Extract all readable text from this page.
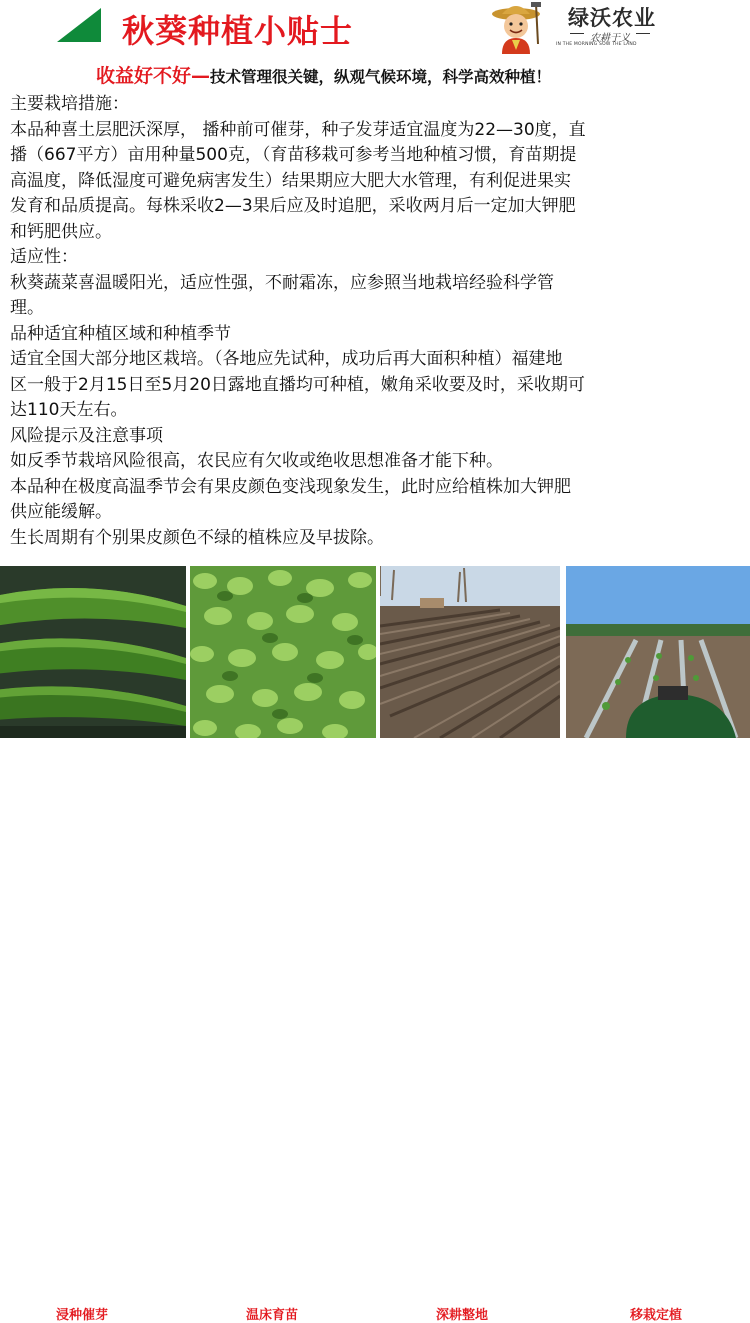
秋葵种植小贴士	绿沃农业
农耕于义
IN THE MORNING SOW THE LAND
收益好不好—技术管理很关键，纵观气候环境，科学高效种植！
主要栽培措施：
本品种喜土层肥沃深厚， 播种前可催芽，种子发芽适宜温度为22—30度，直
播（667平方）亩用种量500克，（育苗移栽可参考当地种植习惯，育苗期提
高温度，降低湿度可避免病害发生）结果期应大肥大水管理，有利促进果实
发育和品质提高。每株采收2—3果后应及时追肥，采收两月后一定加大钾肥
和钙肥供应。
适应性：
秋葵蔬菜喜温暖阳光，适应性强，不耐霜冻，应参照当地栽培经验科学管
理。
品种适宜种植区域和种植季节
适宜全国大部分地区栽培。（各地应先试种，成功后再大面积种植）福建地
区一般于2月15日至5月20日露地直播均可种植，嫩角采收要及时，采收期可
达110天左右。
风险提示及注意事项
如反季节栽培风险很高，农民应有欠收或绝收思想准备才能下种。
本品种在极度高温季节会有果皮颜色变浅现象发生，此时应给植株加大钾肥
供应能缓解。
生长周期有个别果皮颜色不绿的植株应及早拔除。
浸种催芽	温床育苗	深耕整地	移栽定植
